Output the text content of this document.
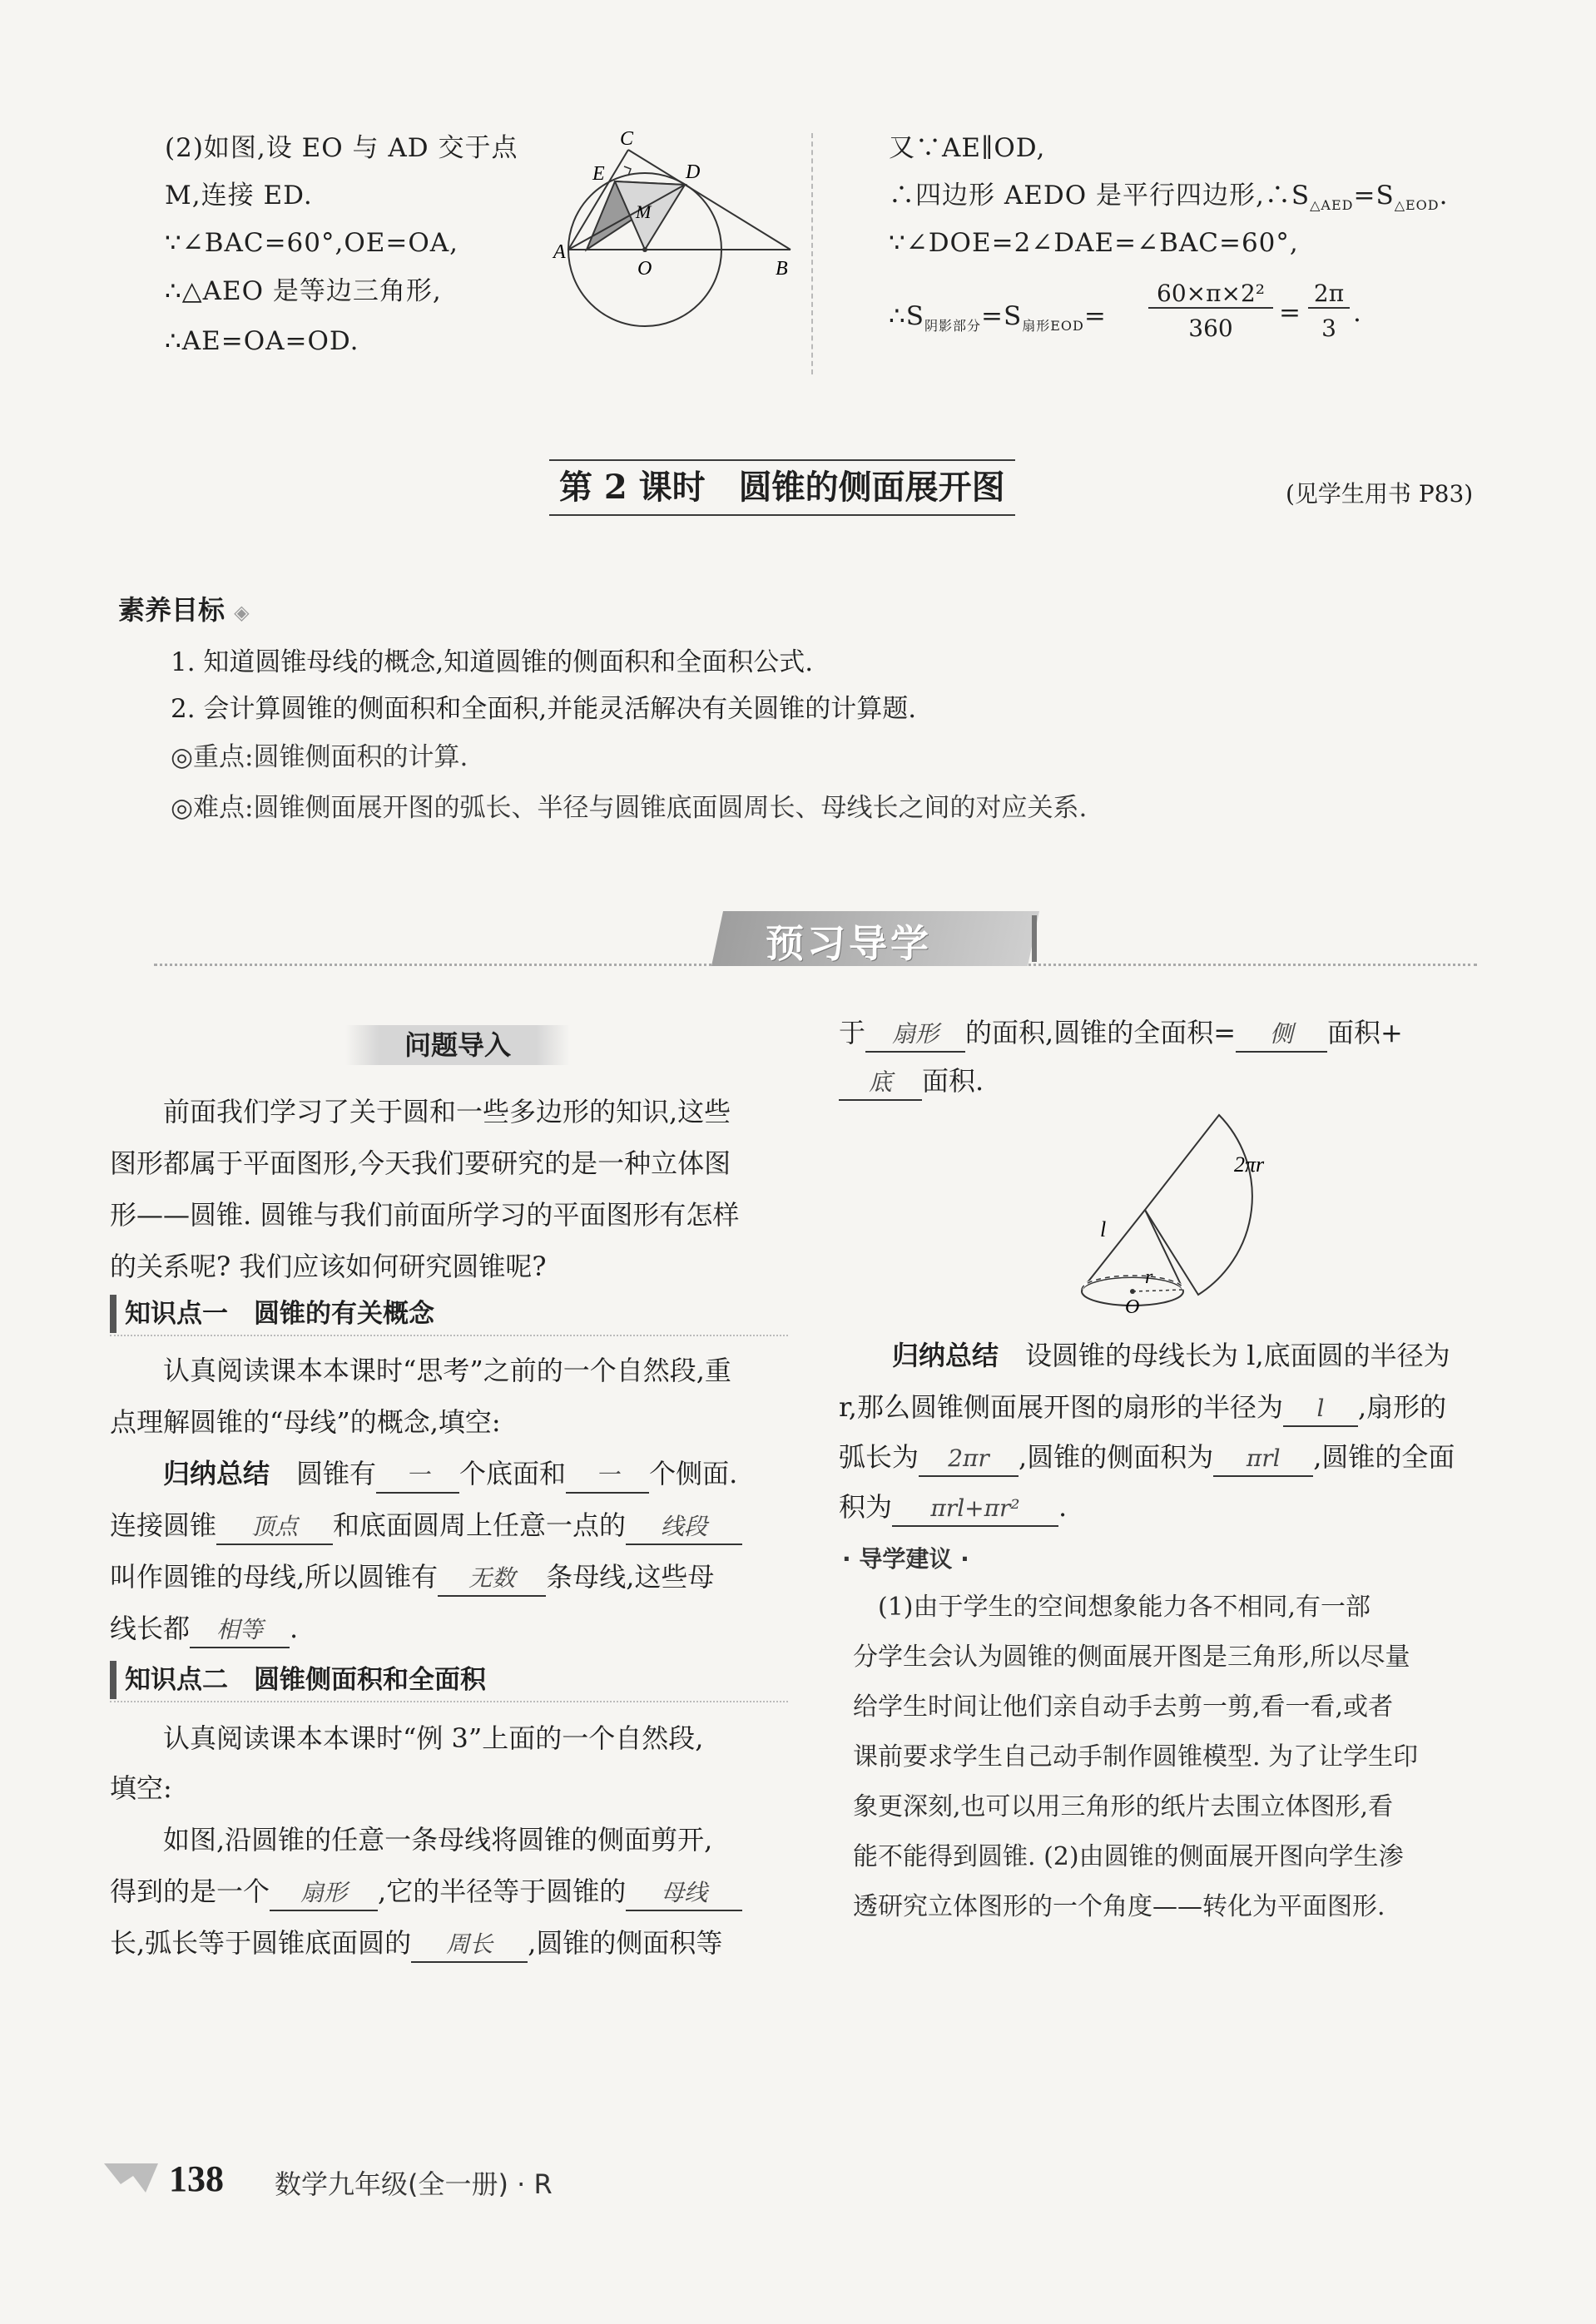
(2)如图,设 EO 与 AD 交于点
M,连接 ED.
∵∠BAC=60°,OE=OA,
∴△AEO 是等边三角形,
∴AE=OA=OD.
C
E	D
M
A
O	B
又∵AE∥OD,
∴四边形 AEDO 是平行四边形$,\therefore S_{\triangle AED}=S_{\triangle EOD}$.
∵∠DOE=2∠DAE=∠BAC=60°,
$\therefore S_{阴影部分}=S_{扇形EOD}=$
60×π×2²
360
=
2π
3
.
第 2 课时　圆锥的侧面展开图	(见学生用书 P83)
素养目标 ◈
1. 知道圆锥母线的概念,知道圆锥的侧面积和全面积公式.
2. 会计算圆锥的侧面积和全面积,并能灵活解决有关圆锥的计算题.
◎重点:圆锥侧面积的计算.
◎难点:圆锥侧面展开图的弧长、半径与圆锥底面圆周长、母线长之间的对应关系.
预习导学
问题导入
　　前面我们学习了关于圆和一些多边形的知识,这些
图形都属于平面图形,今天我们要研究的是一种立体图
形——圆锥. 圆锥与我们前面所学习的平面图形有怎样
的关系呢? 我们应该如何研究圆锥呢?
知识点一　圆锥的有关概念
　　认真阅读课本本课时“思考”之前的一个自然段,重
点理解圆锥的“母线”的概念,填空:
归纳总结　 圆锥有 一 个底面和 一 个侧面.
连接圆锥 顶点 和底面圆周上任意一点的 线段
叫作圆锥的母线,所以圆锥有 无数 条母线,这些母
线长都 相等 .
知识点二　圆锥侧面积和全面积
　　认真阅读课本本课时“例 3”上面的一个自然段,
填空:
　　如图,沿圆锥的任意一条母线将圆锥的侧面剪开,
得到的是一个 扇形 ,它的半径等于圆锥的 母线
长,弧长等于圆锥底面圆的 周长 ,圆锥的侧面积等
于 扇形 的面积,圆锥的全面积= 侧 面积+
底 面积.
2πr
l
r
O
归纳总结　 设圆锥的母线长为 l,底面圆的半径为
r,那么圆锥侧面展开图的扇形的半径为 l ,扇形的
弧长为 2πr ,圆锥的侧面积为 πrl ,圆锥的全面
积为 πrl+πr² .
· 导学建议 ·
　(1)由于学生的空间想象能力各不相同,有一部
分学生会认为圆锥的侧面展开图是三角形,所以尽量
给学生时间让他们亲自动手去剪一剪,看一看,或者
课前要求学生自己动手制作圆锥模型. 为了让学生印
象更深刻,也可以用三角形的纸片去围立体图形,看
能不能得到圆锥. (2)由圆锥的侧面展开图向学生渗
透研究立体图形的一个角度——转化为平面图形.
138 数学九年级(全一册) · R
